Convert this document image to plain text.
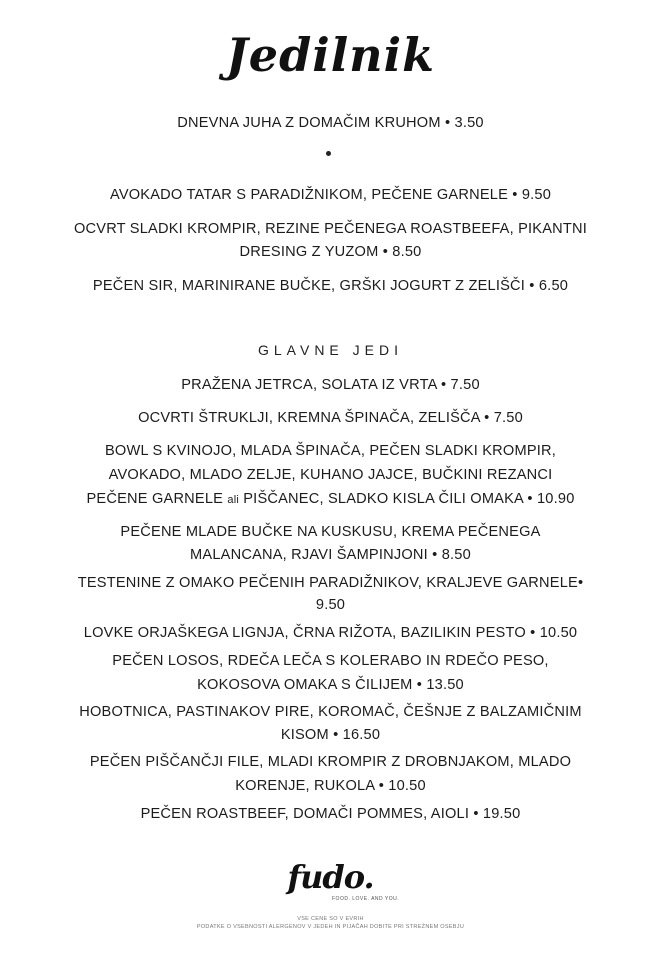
Jedilnik
DNEVNA JUHA Z DOMAČIM KRUHOM • 3.50
AVOKADO TATAR S PARADIŽNIKOM, PEČENE GARNELE • 9.50
OCVRT SLADKI KROMPIR, REZINE PEČENEGA ROASTBEEFA, PIKANTNI
DRESING Z YUZOM • 8.50
PEČEN SIR, MARINIRANE BUČKE, GRŠKI JOGURT Z ZELIŠČI • 6.50
GLAVNE JEDI
PRAŽENA JETRCA, SOLATA IZ VRTA • 7.50
OCVRTI ŠTRUKLJI, KREMNA ŠPINAČA, ZELIŠČA • 7.50
BOWL S KVINOJO, MLADA ŠPINAČA, PEČEN SLADKI KROMPIR,
AVOKADO, MLADO ZELJE, KUHANO JAJCE, BUČKINI REZANCI
PEČENE GARNELE ali PIŠČANEC, SLADKO KISLA ČILI OMAKA • 10.90
PEČENE MLADE BUČKE NA KUSKUSU, KREMA PEČENEGA
MALANCANA, RJAVI ŠAMPINJONI • 8.50
TESTENINE Z OMAKO PEČENIH PARADIŽNIKOV, KRALJEVE GARNELE•
9.50
LOVKE ORJAŠKEGA LIGNJA, ČRNA RIŽOTA, BAZILIKIN PESTO • 10.50
PEČEN LOSOS, RDEČA LEČA S KOLERABO IN RDEČO PESO,
KOKOSOVA OMAKA S ČILIJEM • 13.50
HOBOTNICA, PASTINAKOV PIRE, KOROMAČ, ČEŠNJE Z BALZAMIČNIM
KISOM • 16.50
PEČEN PIŠČANČJI FILE, MLADI KROMPIR Z DROBNJAKOM, MLADO
KORENJE, RUKOLA • 10.50
PEČEN ROASTBEEF, DOMAČI POMMES, AIOLI • 19.50
fudo.
FOOD. LOVE. AND YOU.
VSE CENE SO V EVRIH
PODATKE O VSEBNOSTI ALERGENOV V JEDEH IN PIJAČAH DOBITE PRI STREŽNEM OSEBJU
